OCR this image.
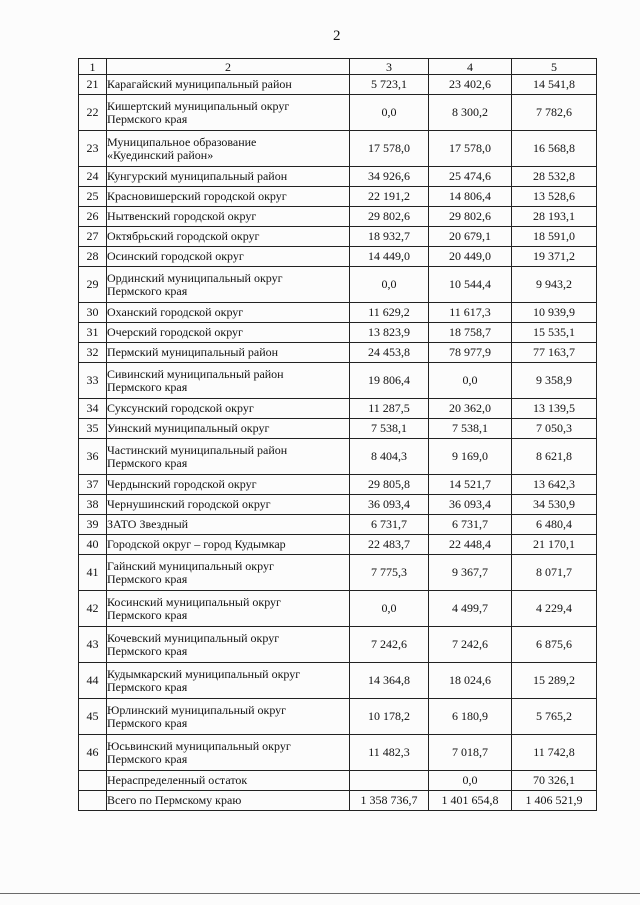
2
1	2	3	4	5
21	Карагайский муниципальный район	5 723,1	23 402,6	14 541,8
22	Кишертский муниципальный округ
Пермского края	0,0	8 300,2	7 782,6
23	Муниципальное образование
«Куединский район»	17 578,0	17 578,0	16 568,8
24	Кунгурский муниципальный район	34 926,6	25 474,6	28 532,8
25	Красновишерский городской округ	22 191,2	14 806,4	13 528,6
26	Нытвенский городской округ	29 802,6	29 802,6	28 193,1
27	Октябрьский городской округ	18 932,7	20 679,1	18 591,0
28	Осинский городской округ	14 449,0	20 449,0	19 371,2
29	Ординский муниципальный округ
Пермского края	0,0	10 544,4	9 943,2
30	Оханский городской округ	11 629,2	11 617,3	10 939,9
31	Очерский городской округ	13 823,9	18 758,7	15 535,1
32	Пермский муниципальный район	24 453,8	78 977,9	77 163,7
33	Сивинский муниципальный район
Пермского края	19 806,4	0,0	9 358,9
34	Суксунский городской округ	11 287,5	20 362,0	13 139,5
35	Уинский муниципальный округ	7 538,1	7 538,1	7 050,3
36	Частинский муниципальный район
Пермского края	8 404,3	9 169,0	8 621,8
37	Чердынский городской округ	29 805,8	14 521,7	13 642,3
38	Чернушинский городской округ	36 093,4	36 093,4	34 530,9
39	ЗАТО Звездный	6 731,7	6 731,7	6 480,4
40	Городской округ – город Кудымкар	22 483,7	22 448,4	21 170,1
41	Гайнский муниципальный округ
Пермского края	7 775,3	9 367,7	8 071,7
42	Косинский муниципальный округ
Пермского края	0,0	4 499,7	4 229,4
43	Кочевский муниципальный округ
Пермского края	7 242,6	7 242,6	6 875,6
44	Кудымкарский муниципальный округ
Пермского края	14 364,8	18 024,6	15 289,2
45	Юрлинский муниципальный округ
Пермского края	10 178,2	6 180,9	5 765,2
46	Юсьвинский муниципальный округ
Пермского края	11 482,3	7 018,7	11 742,8
	Нераспределенный остаток		0,0	70 326,1
	Всего по Пермскому краю	1 358 736,7	1 401 654,8	1 406 521,9
